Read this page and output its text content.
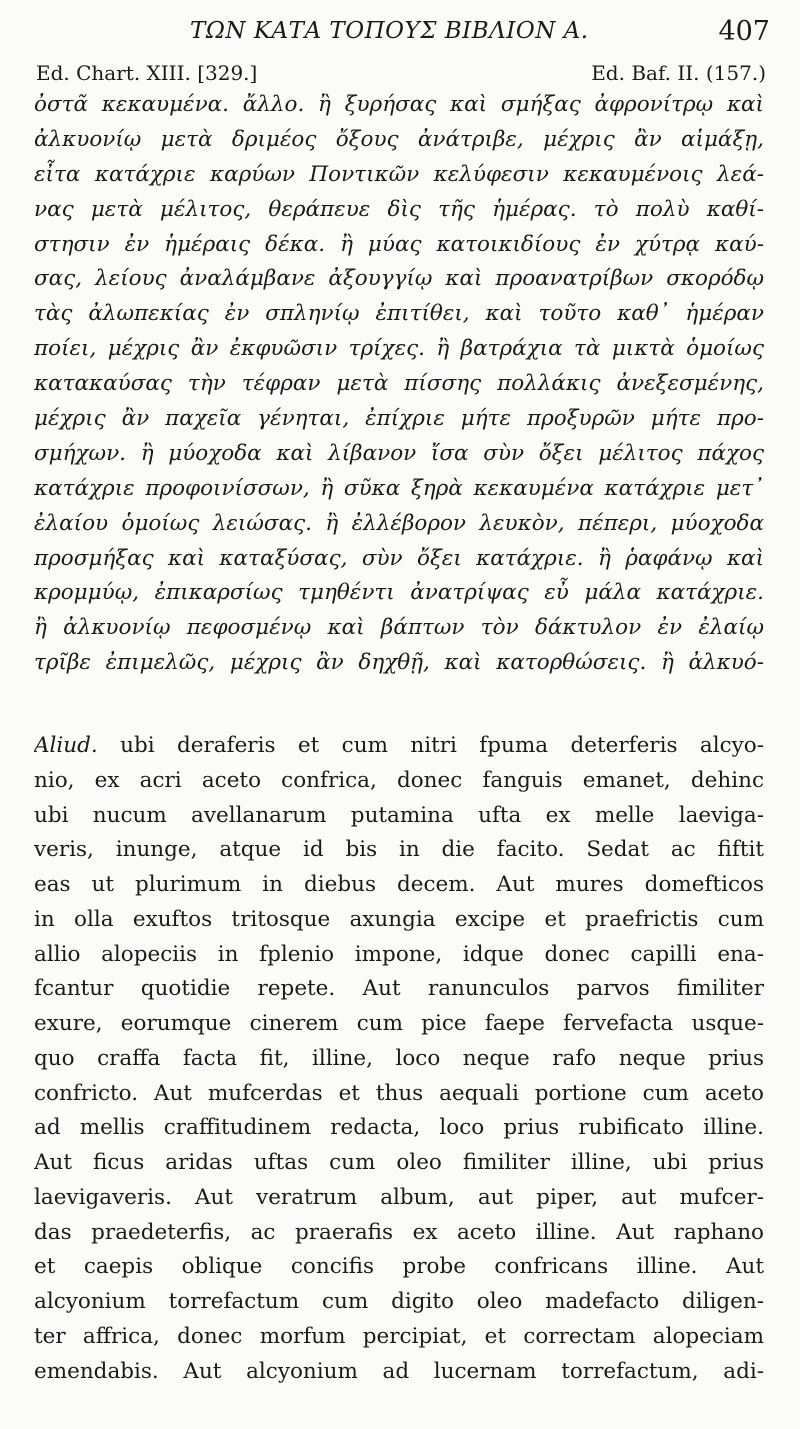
ΤΩΝ ΚΑΤΑ ΤΟΠΟΥΣ ΒΙΒΛΙΟΝ Α.	407
Ed. Chart. XIII. [329.]	Ed. Baf. II. (157.)
ὀστᾶ κεκαυμένα. ἄλλο. ἢ ξυρήσας καὶ σμήξας ἀφρονίτρῳ καὶ
ἀλκυονίῳ μετὰ δριμέος ὄξους ἀνάτριβε, μέχρις ἂν αἱμάξῃ,
εἶτα κατάχριε καρύων Ποντικῶν κελύφεσιν κεκαυμένοις λεά-
νας μετὰ μέλιτος, θεράπευε δὶς τῆς ἡμέρας. τὸ πολὺ καθί-
στησιν ἐν ἡμέραις δέκα. ἢ μύας κατοικιδίους ἐν χύτρᾳ καύ-
σας, λείους ἀναλάμβανε ἀξουγγίῳ καὶ προανατρίβων σκορόδῳ
τὰς ἀλωπεκίας ἐν σπληνίῳ ἐπιτίθει, καὶ τοῦτο καθ᾽ ἡμέραν
ποίει, μέχρις ἂν ἐκφυῶσιν τρίχες. ἢ βατράχια τὰ μικτὰ ὁμοίως
κατακαύσας τὴν τέφραν μετὰ πίσσης πολλάκις ἀνεξεσμένης,
μέχρις ἂν παχεῖα γένηται, ἐπίχριε μήτε προξυρῶν μήτε προ-
σμήχων. ἢ μύοχοδα καὶ λίβανον ἴσα σὺν ὄξει μέλιτος πάχος
κατάχριε προφοινίσσων, ἢ σῦκα ξηρὰ κεκαυμένα κατάχριε μετ᾽
ἐλαίου ὁμοίως λειώσας. ἢ ἐλλέβορον λευκὸν, πέπερι, μύοχοδα
προσμήξας καὶ καταξύσας, σὺν ὄξει κατάχριε. ἢ ῥαφάνῳ καὶ
κρομμύῳ, ἐπικαρσίως τμηθέντι ἀνατρίψας εὖ μάλα κατάχριε.
ἢ ἀλκυονίῳ πεφοσμένῳ καὶ βάπτων τὸν δάκτυλον ἐν ἐλαίῳ
τρῖβε ἐπιμελῶς, μέχρις ἂν δηχθῇ, καὶ κατορθώσεις. ἢ ἀλκυό-
Aliud. ubi deraferis et cum nitri fpuma deterferis alcyo-
nio, ex acri aceto confrica, donec fanguis emanet, dehinc
ubi nucum avellanarum putamina ufta ex melle laeviga-
veris, inunge, atque id bis in die facito. Sedat ac fiftit
eas ut plurimum in diebus decem. Aut mures domefticos
in olla exuftos tritosque axungia excipe et praefrictis cum
allio alopeciis in fplenio impone, idque donec capilli ena-
fcantur quotidie repete. Aut ranunculos parvos fimiliter
exure, eorumque cinerem cum pice faepe fervefacta usque-
quo craffa facta fit, illine, loco neque rafo neque prius
confricto. Aut mufcerdas et thus aequali portione cum aceto
ad mellis craffitudinem redacta, loco prius rubificato illine.
Aut ficus aridas uftas cum oleo fimiliter illine, ubi prius
laevigaveris. Aut veratrum album, aut piper, aut mufcer-
das praedeterfis, ac praerafis ex aceto illine. Aut raphano
et caepis oblique concifis probe confricans illine. Aut
alcyonium torrefactum cum digito oleo madefacto diligen-
ter affrica, donec morfum percipiat, et correctam alopeciam
emendabis. Aut alcyonium ad lucernam torrefactum, adi-
